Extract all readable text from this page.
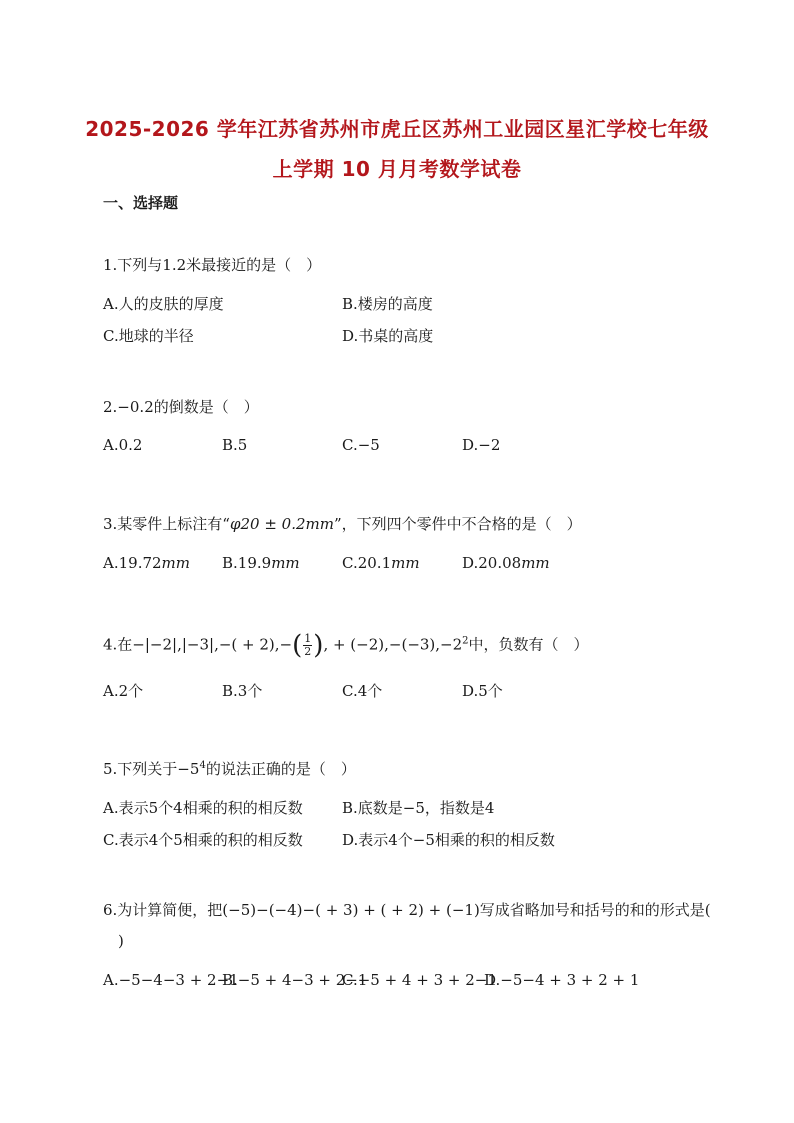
2025-2026 学年江苏省苏州市虎丘区苏州工业园区星汇学校七年级
上学期 10 月月考数学试卷
一、选择题
1.下列与1.2米最接近的是（　）
A.人的皮肤的厚度	B.楼房的高度
C.地球的半径	D.书桌的高度
2.−0.2的倒数是（　）
A.0.2	B.5	C.−5	D.−2
3.某零件上标注有“φ20 ± 0.2mm”，下列四个零件中不合格的是（　）
A.19.72mm B.19.9mm	C.20.1mm	D.20.08mm
4.在$-|-2|,|-3|,-( + 2),-( \frac{1}{2}$ ), + $(-2),-(-3),-2^2$中，负数有（　）
A.2个	B.3个	C.4个	D.5个
5.下列关于$-5^4$的说法正确的是（　）
A.表示5个4相乘的积的相反数	B.底数是−5，指数是4
C.表示4个5相乘的积的相反数	D.表示4个−5相乘的积的相反数
6.为计算简便，把(−5)−(−4)−( + 3) + ( + 2) + (−1)写成省略加号和括号的和的形式是(
)
A.−5−4−3 + 2−1
B.−5 + 4−3 + 2−1
C.−5 + 4 + 3 + 2−1
D.−5−4 + 3 + 2 + 1
